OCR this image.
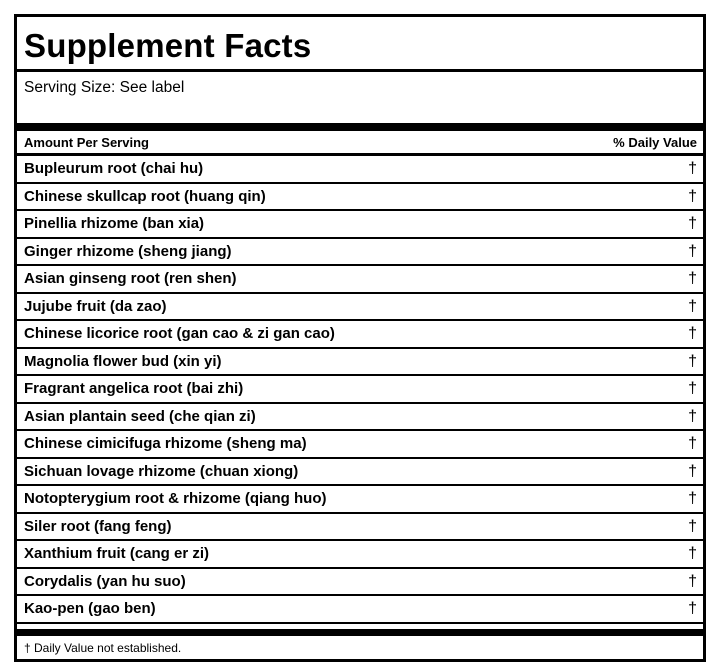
Supplement Facts
Serving Size: See label
Amount Per Serving	% Daily Value
Bupleurum root (chai hu)	†
Chinese skullcap root (huang qin)	†
Pinellia rhizome (ban xia)	†
Ginger rhizome (sheng jiang)	†
Asian ginseng root (ren shen)	†
Jujube fruit (da zao)	†
Chinese licorice root (gan cao & zi gan cao)	†
Magnolia flower bud (xin yi)	†
Fragrant angelica root (bai zhi)	†
Asian plantain seed (che qian zi)	†
Chinese cimicifuga rhizome (sheng ma)	†
Sichuan lovage rhizome (chuan xiong)	†
Notopterygium root & rhizome (qiang huo)	†
Siler root (fang feng)	†
Xanthium fruit (cang er zi)	†
Corydalis (yan hu suo)	†
Kao-pen (gao ben)	†
† Daily Value not established.
